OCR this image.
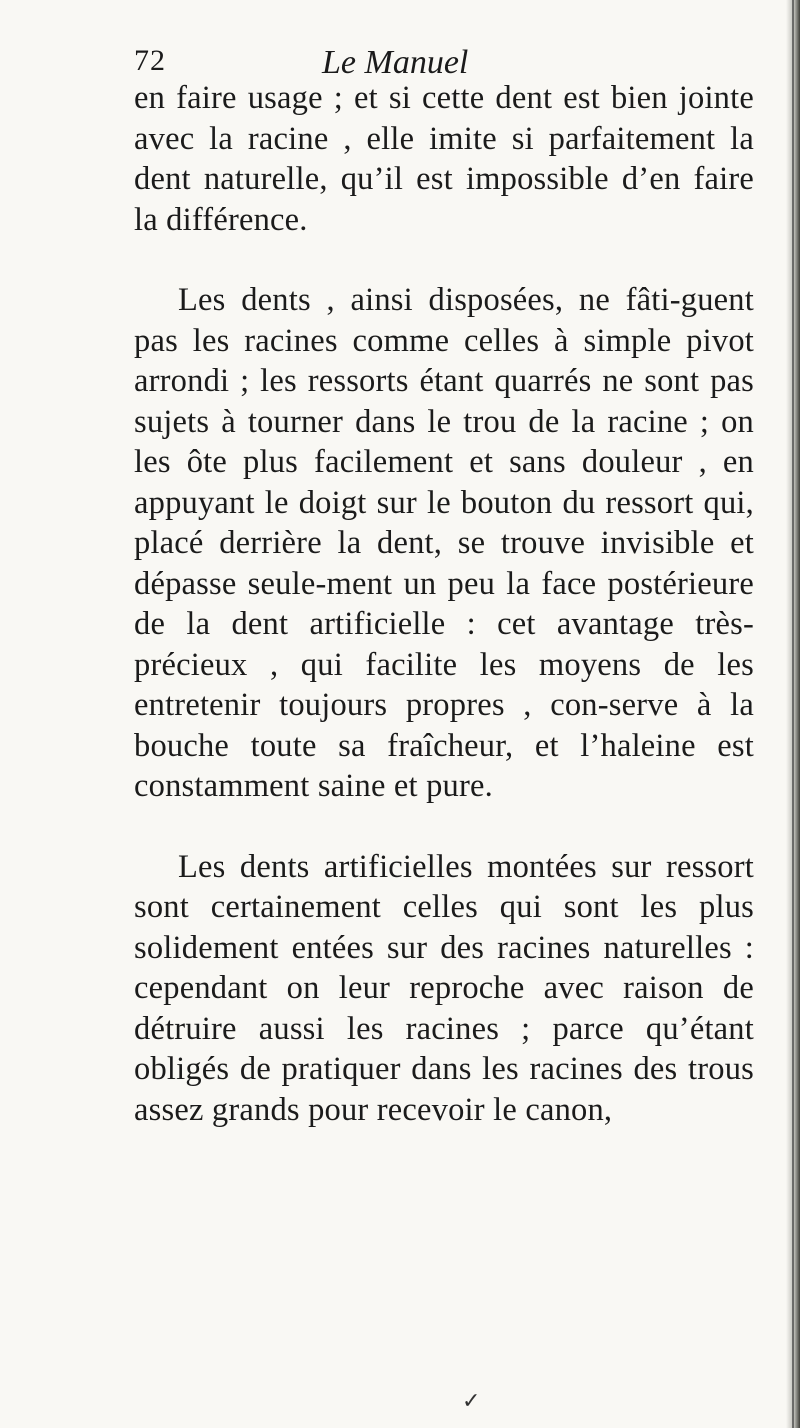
72	Le Manuel

en faire usage ; et si cette dent est bien jointe avec la racine , elle imite si parfaitement la dent naturelle, qu’il est impossible d’en faire la différence.

Les dents , ainsi disposées, ne fâti-guent pas les racines comme celles à simple pivot arrondi ; les ressorts étant quarrés ne sont pas sujets à tourner dans le trou de la racine ; on les ôte plus facilement et sans douleur , en appuyant le doigt sur le bouton du ressort qui, placé derrière la dent, se trouve invisible et dépasse seule-ment un peu la face postérieure de la dent artificielle : cet avantage très-précieux , qui facilite les moyens de les entretenir toujours propres , con-serve à la bouche toute sa fraîcheur, et l’haleine est constamment saine et pure.

Les dents artificielles montées sur ressort sont certainement celles qui sont les plus solidement entées sur des racines naturelles : cependant on leur reproche avec raison de détruire aussi les racines ; parce qu’étant obligés de pratiquer dans les racines des trous assez grands pour recevoir le canon,

✓
